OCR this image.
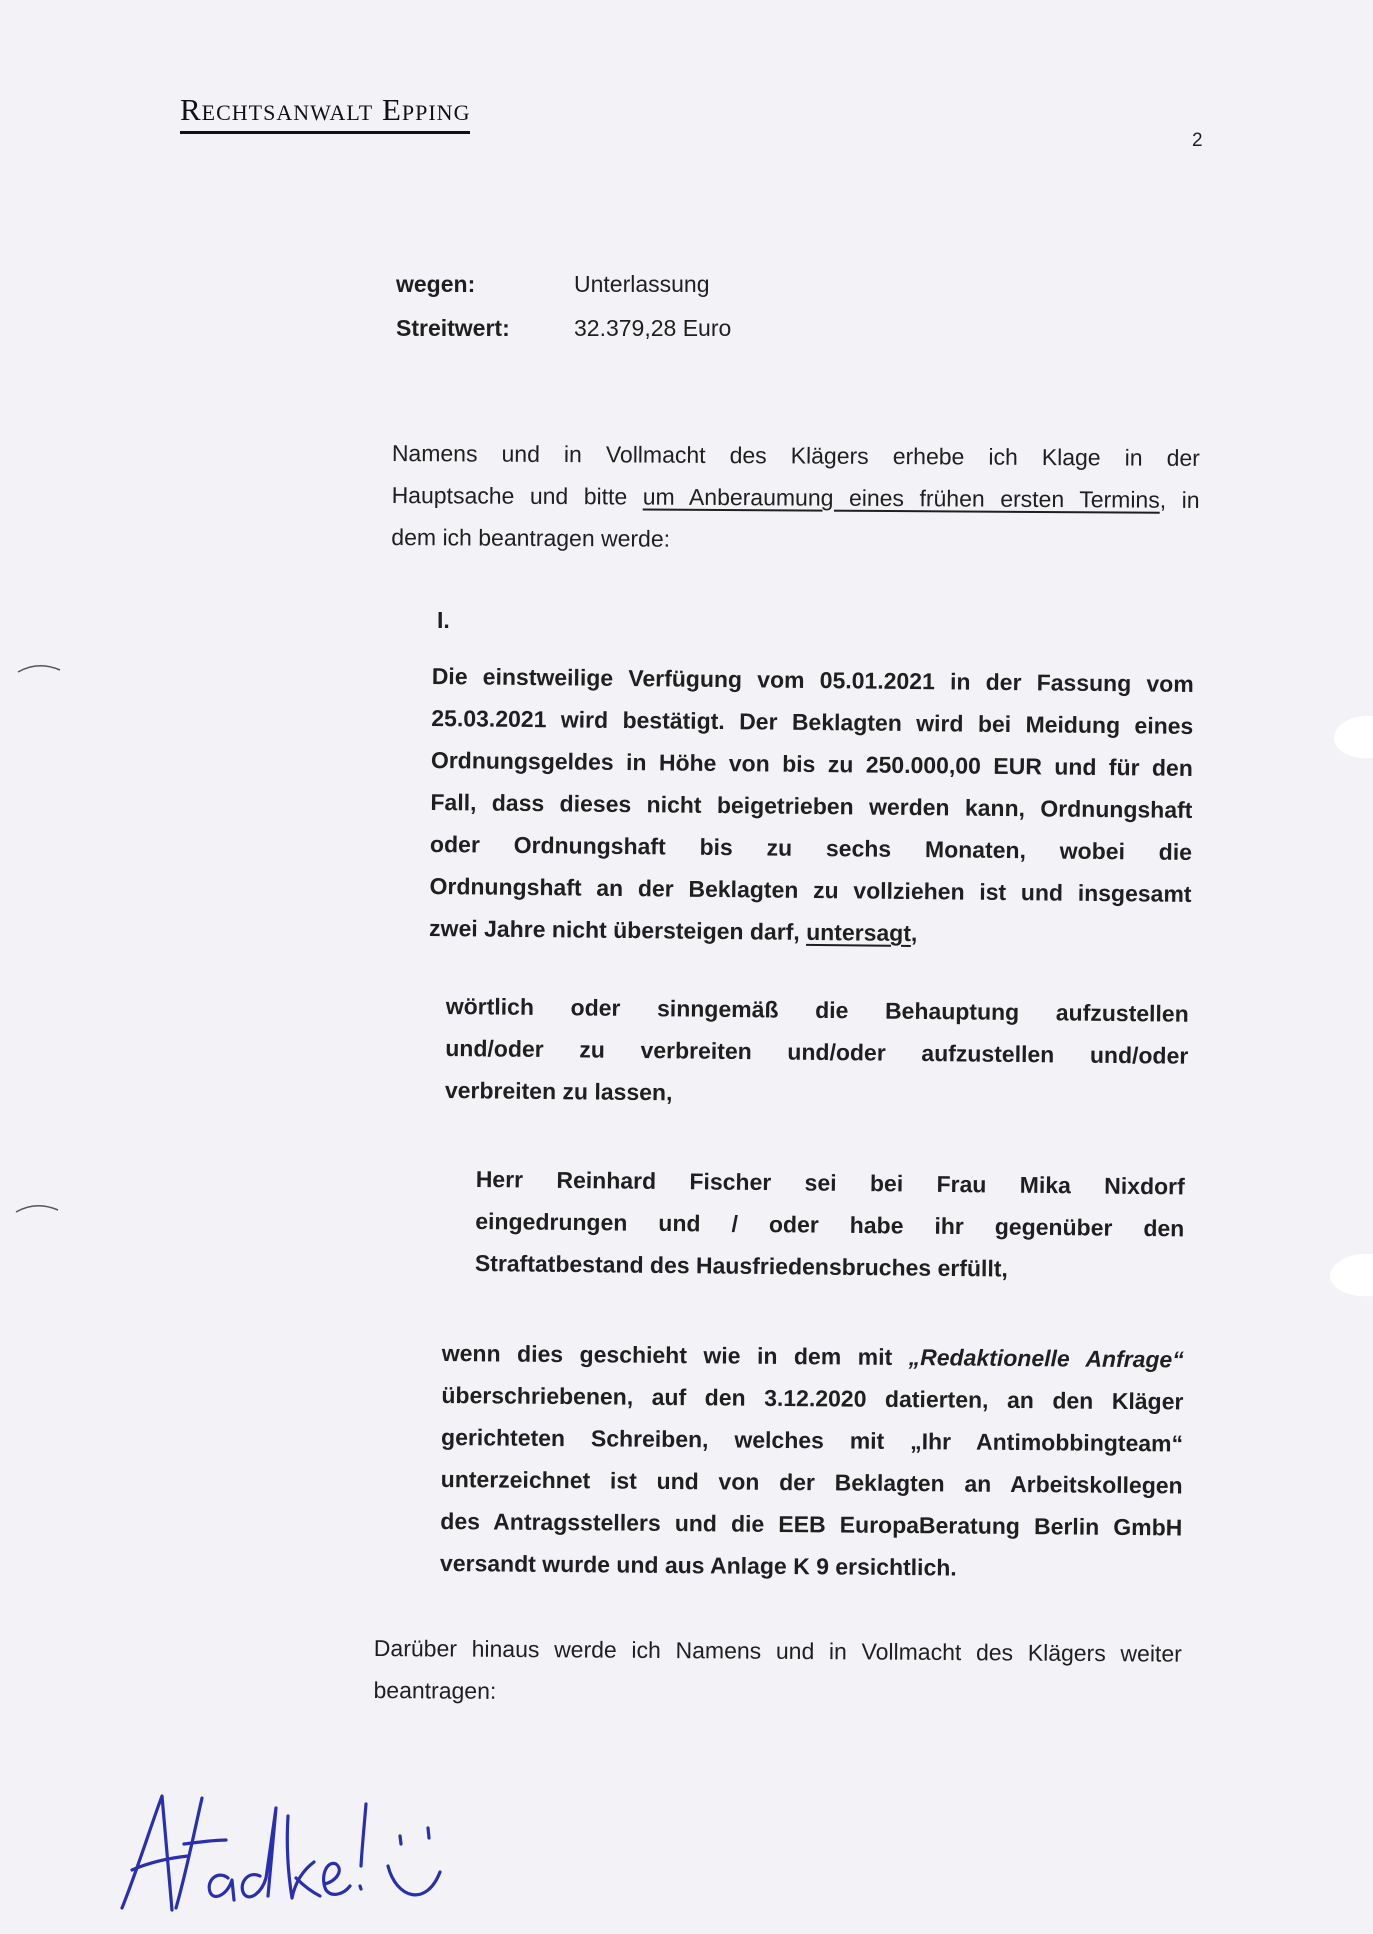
Rechtsanwalt Epping
2
wegen:	Unterlassung
Streitwert:	32.379,28 Euro
Namens und in Vollmacht des Klägers erhebe ich Klage in der
Hauptsache und bitte um Anberaumung eines frühen ersten Termins, in
dem ich beantragen werde:
I.
Die einstweilige Verfügung vom 05.01.2021 in der Fassung vom
25.03.2021 wird bestätigt. Der Beklagten wird bei Meidung eines
Ordnungsgeldes in Höhe von bis zu 250.000,00 EUR und für den
Fall, dass dieses nicht beigetrieben werden kann, Ordnungshaft
oder Ordnungshaft bis zu sechs Monaten, wobei die
Ordnungshaft an der Beklagten zu vollziehen ist und insgesamt
zwei Jahre nicht übersteigen darf, untersagt,
wörtlich oder sinngemäß die Behauptung aufzustellen
und/oder zu verbreiten und/oder aufzustellen und/oder
verbreiten zu lassen,
Herr Reinhard Fischer sei bei Frau Mika Nixdorf
eingedrungen und / oder habe ihr gegenüber den
Straftatbestand des Hausfriedensbruches erfüllt,
wenn dies geschieht wie in dem mit „Redaktionelle Anfrage“
überschriebenen, auf den 3.12.2020 datierten, an den Kläger
gerichteten Schreiben, welches mit „Ihr Antimobbingteam“
unterzeichnet ist und von der Beklagten an Arbeitskollegen
des Antragsstellers und die EEB EuropaBeratung Berlin GmbH
versandt wurde und aus Anlage K 9 ersichtlich.
Darüber hinaus werde ich Namens und in Vollmacht des Klägers weiter
beantragen:
